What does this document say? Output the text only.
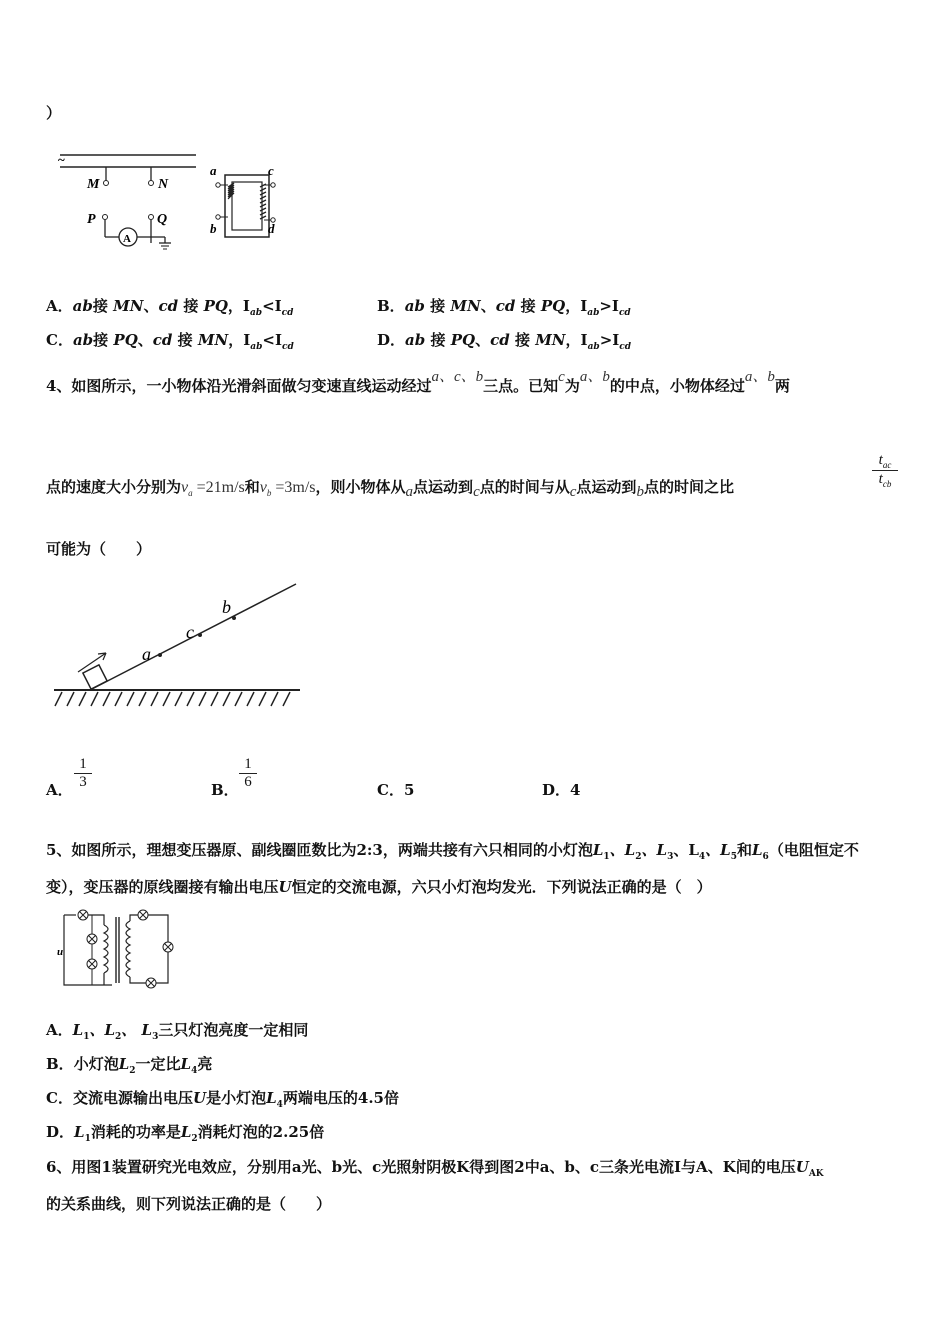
）
~
M	N
P
A
Q
a
b
c
d
A．ab接 MN、cd 接 PQ，$I_{ab}<I_{cd}$	B．ab 接 MN、cd 接 PQ，$I_{ab}>I_{cd}$
C．ab接 PQ、cd 接 MN，$I_{ab}<I_{cd}$	D．ab 接 PQ、cd 接 MN，$I_{ab}>I_{cd}$
4、如图所示，一小物体沿光滑斜面做匀变速直线运动经过a、c、b三点。已知c为a、b的中点，小物体经过a、b两
点的速度大小分别为$v_a =21m/s$和$v_b =3m/s$，则小物体从a点运动到c点的时间与从c点运动到b点的时间之比
$t_{ac}$
$t_{cb}$
可能为（　　）
a
c
b
A． $\frac{1}{3}$	B． $\frac{1}{6}$	C．5	D．4
5、如图所示，理想变压器原、副线圈匝数比为2:3，两端共接有六只相同的小灯泡$L_1$、$L_2$、$L_3$、$L_4$、$L_5$和$L_6$（电阻恒定不
变），变压器的原线圈接有输出电压U恒定的交流电源，六只小灯泡均发光．下列说法正确的是（　）
u
A．$L_1$、$L_2$、 $L_3$三只灯泡亮度一定相同
B．小灯泡$L_2$一定比$L_4$亮
C．交流电源输出电压U是小灯泡$L_4$两端电压的4.5倍
D．$L_1$消耗的功率是$L_2$消耗灯泡的2.25倍
6、用图1装置研究光电效应，分别用a光、b光、c光照射阴极K得到图2中a、b、c三条光电流I与A、K间的电压$U_{AK}$
的关系曲线，则下列说法正确的是（　　）
